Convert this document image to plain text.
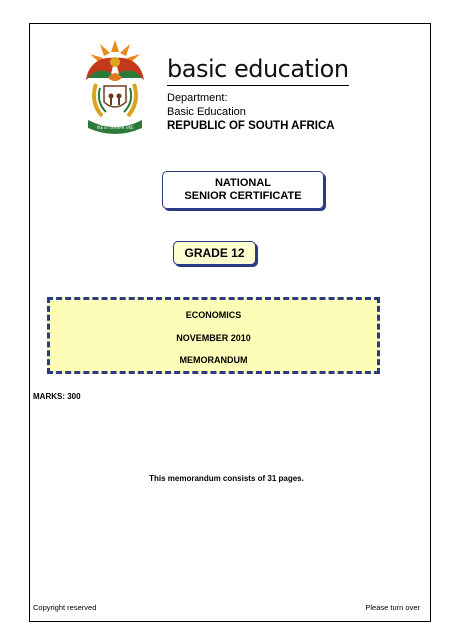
!KE E: /XARRA //KE
basic education
Department:
Basic Education
REPUBLIC OF SOUTH AFRICA
NATIONAL
SENIOR CERTIFICATE
GRADE 12
ECONOMICS
NOVEMBER 2010
MEMORANDUM
MARKS: 300
This memorandum consists of 31 pages.
Copyright reserved	Please turn over
